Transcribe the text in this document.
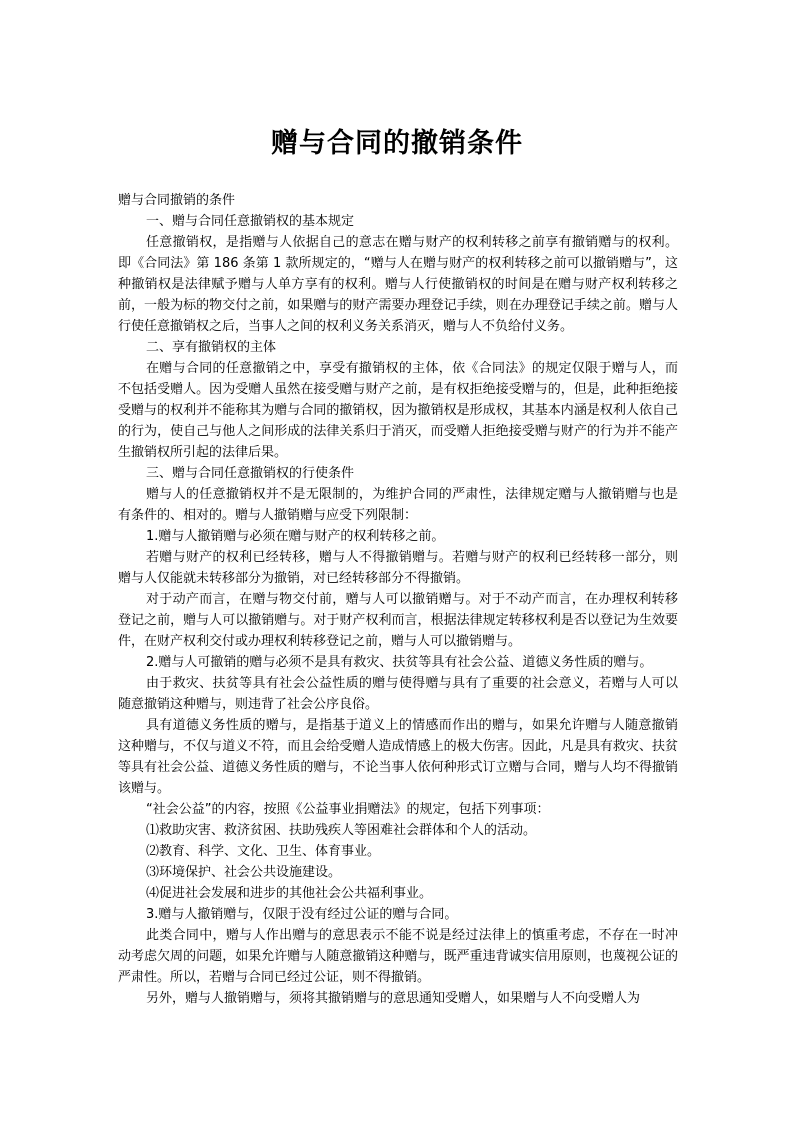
赠与合同的撤销条件

赠与合同撤销的条件

一、赠与合同任意撤销权的基本规定

任意撤销权，是指赠与人依据自己的意志在赠与财产的权利转移之前享有撤销赠与的权利。即《合同法》第 186 条第 1 款所规定的，“赠与人在赠与财产的权利转移之前可以撤销赠与”，这种撤销权是法律赋予赠与人单方享有的权利。赠与人行使撤销权的时间是在赠与财产权利转移之前，一般为标的物交付之前，如果赠与的财产需要办理登记手续，则在办理登记手续之前。赠与人行使任意撤销权之后，当事人之间的权利义务关系消灭，赠与人不负给付义务。

二、享有撤销权的主体

在赠与合同的任意撤销之中，享受有撤销权的主体，依《合同法》的规定仅限于赠与人，而不包括受赠人。因为受赠人虽然在接受赠与财产之前，是有权拒绝接受赠与的，但是，此种拒绝接受赠与的权利并不能称其为赠与合同的撤销权，因为撤销权是形成权，其基本内涵是权利人依自己的行为，使自己与他人之间形成的法律关系归于消灭，而受赠人拒绝接受赠与财产的行为并不能产生撤销权所引起的法律后果。

三、赠与合同任意撤销权的行使条件

赠与人的任意撤销权并不是无限制的，为维护合同的严肃性，法律规定赠与人撤销赠与也是有条件的、相对的。赠与人撤销赠与应受下列限制：

1.赠与人撤销赠与必须在赠与财产的权利转移之前。

若赠与财产的权利已经转移，赠与人不得撤销赠与。若赠与财产的权利已经转移一部分，则赠与人仅能就未转移部分为撤销，对已经转移部分不得撤销。

对于动产而言，在赠与物交付前，赠与人可以撤销赠与。对于不动产而言，在办理权利转移登记之前，赠与人可以撤销赠与。对于财产权利而言，根据法律规定转移权利是否以登记为生效要件，在财产权利交付或办理权利转移登记之前，赠与人可以撤销赠与。

2.赠与人可撤销的赠与必须不是具有救灾、扶贫等具有社会公益、道德义务性质的赠与。

由于救灾、扶贫等具有社会公益性质的赠与使得赠与具有了重要的社会意义，若赠与人可以随意撤销这种赠与，则违背了社会公序良俗。

具有道德义务性质的赠与，是指基于道义上的情感而作出的赠与，如果允许赠与人随意撤销这种赠与，不仅与道义不符，而且会给受赠人造成情感上的极大伤害。因此，凡是具有救灾、扶贫等具有社会公益、道德义务性质的赠与，不论当事人依何种形式订立赠与合同，赠与人均不得撤销该赠与。

“社会公益”的内容，按照《公益事业捐赠法》的规定，包括下列事项：

⑴救助灾害、救济贫困、扶助残疾人等困难社会群体和个人的活动。

⑵教育、科学、文化、卫生、体育事业。

⑶环境保护、社会公共设施建设。

⑷促进社会发展和进步的其他社会公共福利事业。

3.赠与人撤销赠与，仅限于没有经过公证的赠与合同。

此类合同中，赠与人作出赠与的意思表示不能不说是经过法律上的慎重考虑，不存在一时冲动考虑欠周的问题，如果允许赠与人随意撤销这种赠与，既严重违背诚实信用原则，也蔑视公证的严肃性。所以，若赠与合同已经过公证，则不得撤销。

另外，赠与人撤销赠与，须将其撤销赠与的意思通知受赠人，如果赠与人不向受赠人为
